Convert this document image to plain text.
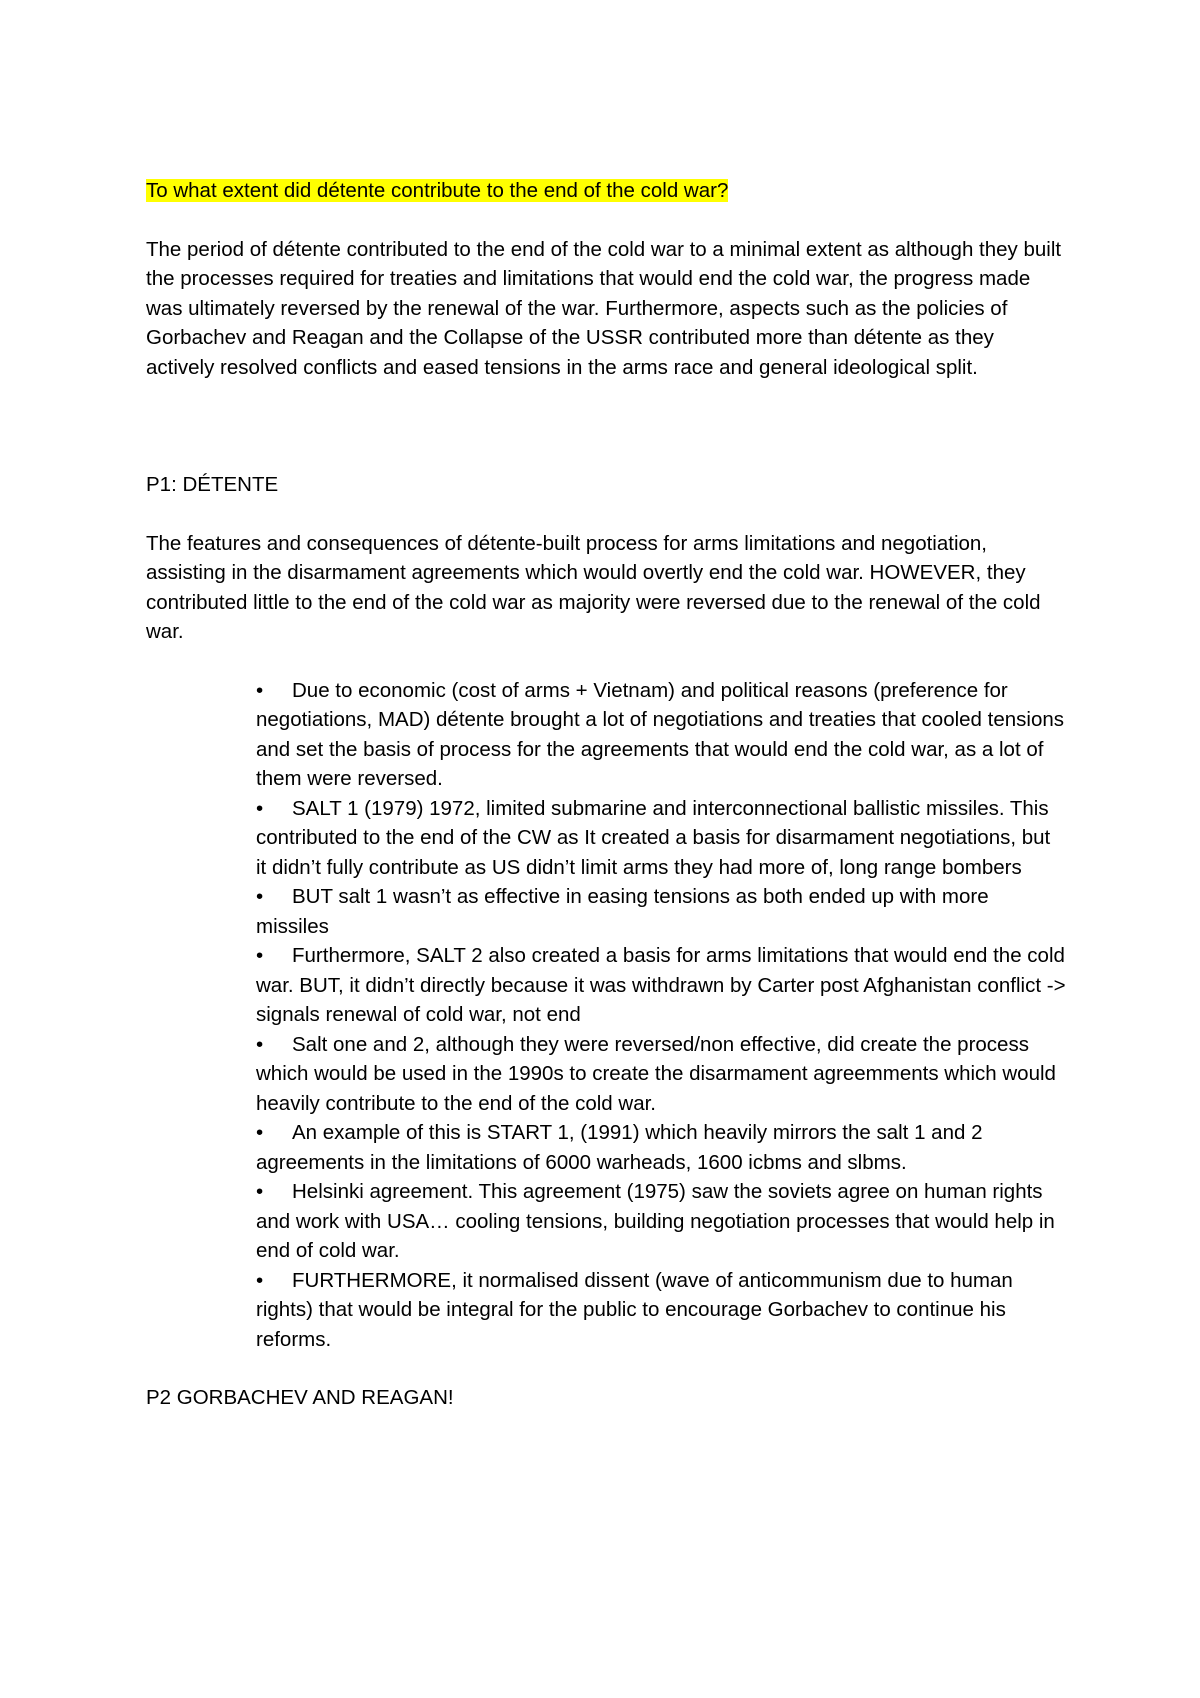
To what extent did détente contribute to the end of the cold war?

The period of détente contributed to the end of the cold war to a minimal extent as although they built the processes required for treaties and limitations that would end the cold war, the progress made was ultimately reversed by the renewal of the war. Furthermore, aspects such as the policies of Gorbachev and Reagan and the Collapse of the USSR contributed more than détente as they actively resolved conflicts and eased tensions in the arms race and general ideological split.

P1: DÉTENTE

The features and consequences of détente-built process for arms limitations and negotiation, assisting in the disarmament agreements which would overtly end the cold war. HOWEVER, they contributed little to the end of the cold war as majority were reversed due to the renewal of the cold war.

• Due to economic (cost of arms + Vietnam) and political reasons (preference for negotiations, MAD) détente brought a lot of negotiations and treaties that cooled tensions and set the basis of process for the agreements that would end the cold war, as a lot of them were reversed.
• SALT 1 (1979) 1972, limited submarine and interconnectional ballistic missiles. This contributed to the end of the CW as It created a basis for disarmament negotiations, but it didn’t fully contribute as US didn’t limit arms they had more of, long range bombers
• BUT salt 1 wasn’t as effective in easing tensions as both ended up with more missiles
• Furthermore, SALT 2 also created a basis for arms limitations that would end the cold war. BUT, it didn’t directly because it was withdrawn by Carter post Afghanistan conflict -> signals renewal of cold war, not end
• Salt one and 2, although they were reversed/non effective, did create the process which would be used in the 1990s to create the disarmament agreemments which would heavily contribute to the end of the cold war.
• An example of this is START 1, (1991) which heavily mirrors the salt 1 and 2 agreements in the limitations of 6000 warheads, 1600 icbms and slbms.
• Helsinki agreement. This agreement (1975) saw the soviets agree on human rights and work with USA… cooling tensions, building negotiation processes that would help in end of cold war.
• FURTHERMORE, it normalised dissent (wave of anticommunism due to human rights) that would be integral for the public to encourage Gorbachev to continue his reforms.

P2 GORBACHEV AND REAGAN!
